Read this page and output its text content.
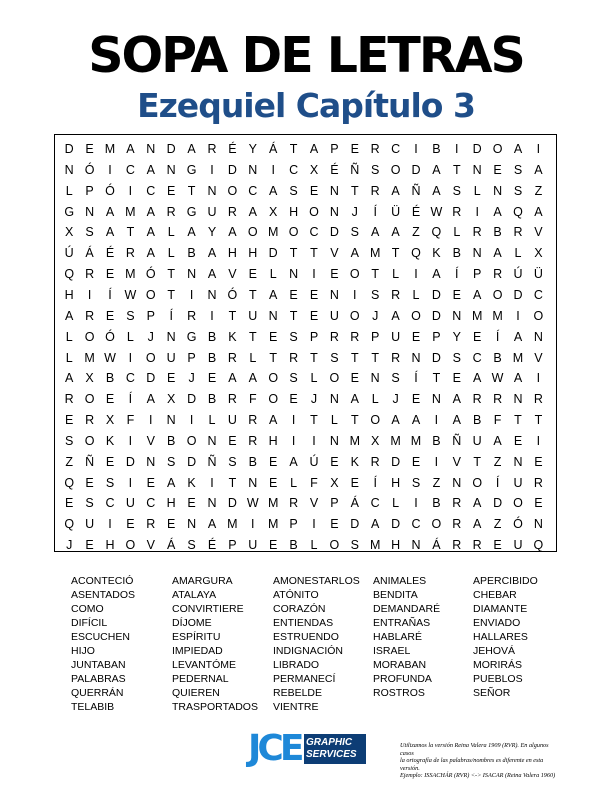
SOPA DE LETRAS
Ezequiel Capítulo 3
D E M A N D A R É Y Á T A P E R C	I	B	I	D O A	I
N Ó	I	C A N G	I	D N	I	C X É Ñ S O D A T N E S A
L	P Ó	I	C E T N O C A S E N T R A Ñ A S	L N S Z
G N A M A R G U R A X H O N	J	Í	Ü É W R	I	A Q A
X S A T A	L	A Y A O M O C D S A A Z Q L R B R V
Ú Á É R A	L	B A H H D T	T V A M T Q K B N A	L	X
Q R E M Ó T N A V E	L N	I	E O T	L	I	A	Í	P R Ú Ü
H	I	Í	W O T	I	N Ó T A E E N	I	S R L D E A O D C
A R E S P	Í	R	I	T U N T E U O J	A O D N M M	I	O
L O Ó L	J	N G B K T E S P R R P U E P Y E	Í	A N
L M W	I	O U P B R L	T R T S T	T R N D S C B M V
A X B C D E	J	E A A O S	L O E N S	Í	T E A W A	I
R O E	Í	A X D B R F O E	J	N A	L	J	E N A R R N R
E R X F	I	N	I	L U R A	I	T	L	T O A A	I	A B F	T	T
S O K	I	V B O N E R H	I	I	N M X M M B Ñ U A E	I
Z Ñ E D N S D Ñ S B E A Ú E K R D E	I	V T	Z N E
Q E S	I	E A K	I	T N E	L	F X E	Í	H S Z N O	Í	U R
E S C U C H E N D W M R V P Á C L	I	B R A D O E
Q U	I	E R E N A M	I	M P	I	E D A D C O R A Z Ó N
J	E H O V Á S É P U E B	L O S M H N Á R R E U Q
ACONTECIÓ
ASENTADOS
COMO
DIFÍCIL
ESCUCHEN
HIJO
JUNTABAN
PALABRAS
QUERRÁN
TELABIB
AMARGURA
ATALAYA
CONVIRTIERE
DÍJOME
ESPÍRITU
IMPIEDAD
LEVANTÓME
PEDERNAL
QUIEREN
TRASPORTADOS
AMONESTARLOS
ATÓNITO
CORAZÓN
ENTIENDAS
ESTRUENDO
INDIGNACIÓN
LIBRADO
PERMANECÍ
REBELDE
VIENTRE
ANIMALES
BENDITA
DEMANDARÉ
ENTRAÑAS
HABLARÉ
ISRAEL
MORABAN
PROFUNDA
ROSTROS
APERCIBIDO
CHEBAR
DIAMANTE
ENVIADO
HALLARES
JEHOVÁ
MORIRÁS
PUEBLOS
SEÑOR
JCE GRAPHIC
SERVICES
Utilizamos la versión Reina Valera 1909 (RVR). En algunos casos
la ortografía de las palabras/nombres es diferente en esta versión.
Ejemplo: ISSACHÁR (RVR) <-> ISACAR (Reina Valera 1960)
